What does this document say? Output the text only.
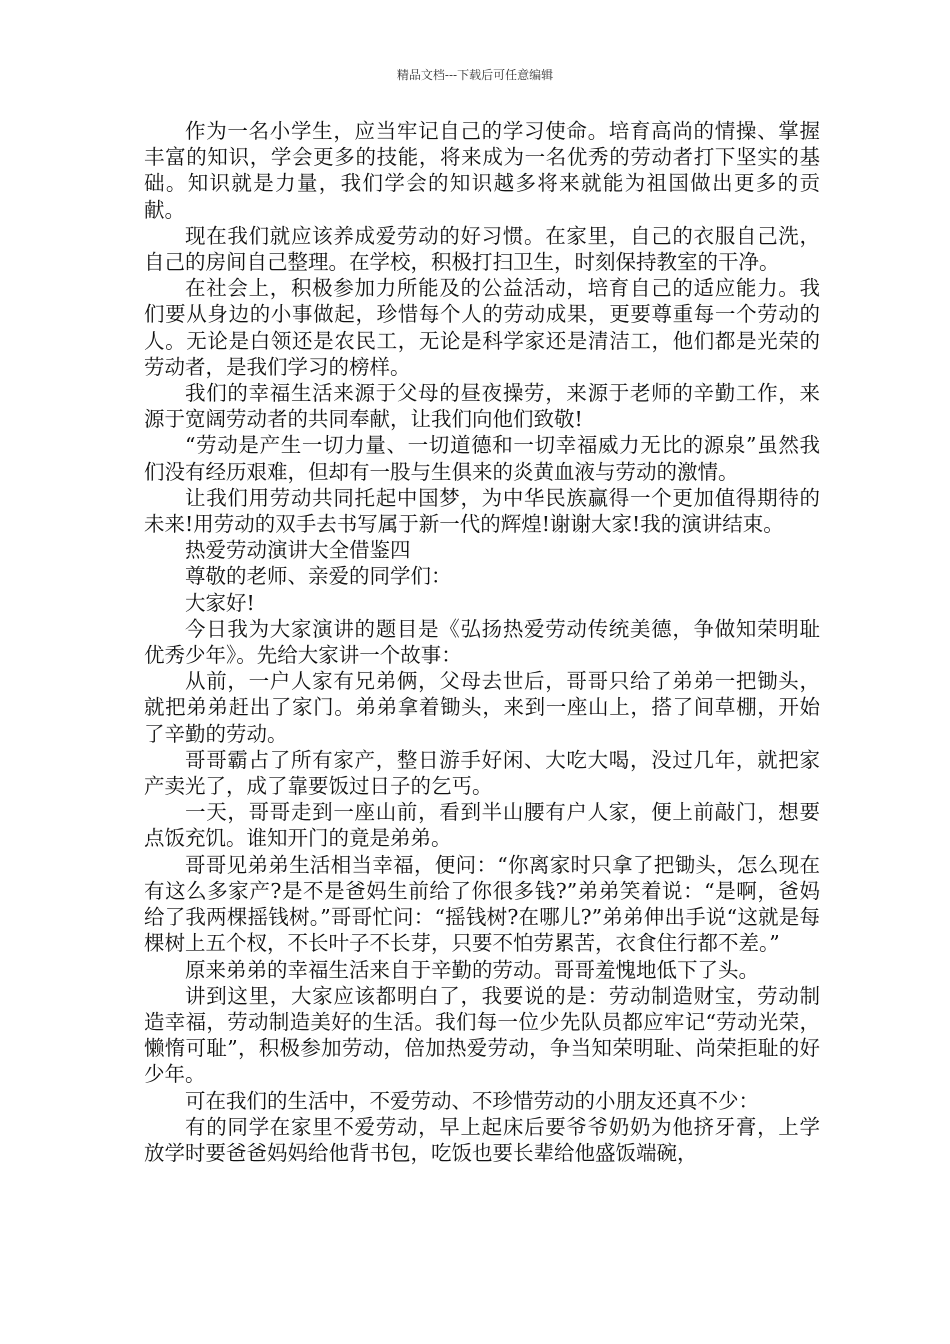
精品文档---下载后可任意编辑

作为一名小学生，应当牢记自己的学习使命。培育高尚的情操、掌握丰富的知识，学会更多的技能，将来成为一名优秀的劳动者打下坚实的基础。知识就是力量，我们学会的知识越多将来就能为祖国做出更多的贡献。

现在我们就应该养成爱劳动的好习惯。在家里，自己的衣服自己洗，自己的房间自己整理。在学校，积极打扫卫生，时刻保持教室的干净。

在社会上，积极参加力所能及的公益活动，培育自己的适应能力。我们要从身边的小事做起，珍惜每个人的劳动成果，更要尊重每一个劳动的人。无论是白领还是农民工，无论是科学家还是清洁工，他们都是光荣的劳动者，是我们学习的榜样。

我们的幸福生活来源于父母的昼夜操劳，来源于老师的辛勤工作，来源于宽阔劳动者的共同奉献，让我们向他们致敬!

“劳动是产生一切力量、一切道德和一切幸福威力无比的源泉”虽然我们没有经历艰难，但却有一股与生俱来的炎黄血液与劳动的激情。

让我们用劳动共同托起中国梦，为中华民族赢得一个更加值得期待的未来!用劳动的双手去书写属于新一代的辉煌!谢谢大家!我的演讲结束。

热爱劳动演讲大全借鉴四

尊敬的老师、亲爱的同学们：

大家好!

今日我为大家演讲的题目是《弘扬热爱劳动传统美德，争做知荣明耻优秀少年》。先给大家讲一个故事：

从前，一户人家有兄弟俩，父母去世后，哥哥只给了弟弟一把锄头，就把弟弟赶出了家门。弟弟拿着锄头，来到一座山上，搭了间草棚，开始了辛勤的劳动。

哥哥霸占了所有家产，整日游手好闲、大吃大喝，没过几年，就把家产卖光了，成了靠要饭过日子的乞丐。

一天，哥哥走到一座山前，看到半山腰有户人家，便上前敲门，想要点饭充饥。谁知开门的竟是弟弟。

哥哥见弟弟生活相当幸福，便问：“你离家时只拿了把锄头，怎么现在有这么多家产?是不是爸妈生前给了你很多钱?”弟弟笑着说：“是啊，爸妈给了我两棵摇钱树。”哥哥忙问：“摇钱树?在哪儿?”弟弟伸出手说“这就是每棵树上五个杈，不长叶子不长芽，只要不怕劳累苦，衣食住行都不差。”

原来弟弟的幸福生活来自于辛勤的劳动。哥哥羞愧地低下了头。

讲到这里，大家应该都明白了，我要说的是：劳动制造财宝，劳动制造幸福，劳动制造美好的生活。我们每一位少先队员都应牢记“劳动光荣，懒惰可耻”，积极参加劳动，倍加热爱劳动，争当知荣明耻、尚荣拒耻的好少年。

可在我们的生活中，不爱劳动、不珍惜劳动的小朋友还真不少：

有的同学在家里不爱劳动，早上起床后要爷爷奶奶为他挤牙膏，上学放学时要爸爸妈妈给他背书包，吃饭也要长辈给他盛饭端碗，
